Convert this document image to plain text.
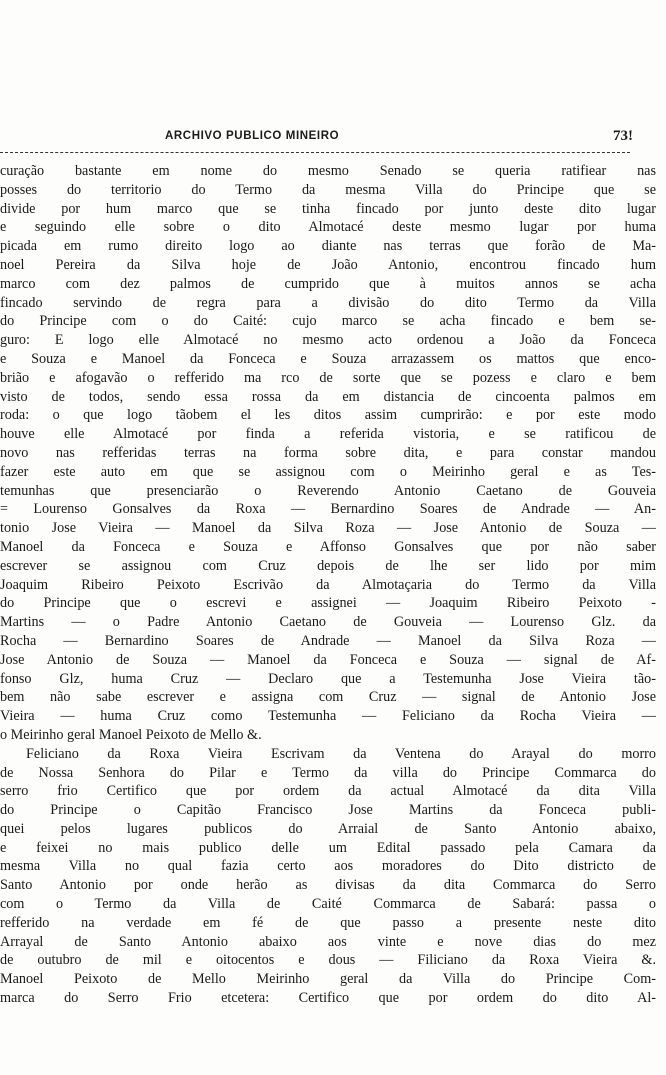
ARCHIVO PUBLICO MINEIRO	73!
curação bastante em nome do mesmo Senado se queria ratifiear nas
posses do territorio do Termo da mesma Villa do Principe que se
divide por hum marco que se tinha fincado por junto deste dito lugar
e seguindo elle sobre o dito Almotacé deste mesmo lugar por huma
picada em rumo direito logo ao diante nas terras que forão de Ma-
noel Pereira da Silva hoje de João Antonio, encontrou fincado hum
marco com dez palmos de cumprido que à muitos annos se acha
fincado servindo de regra para a divisão do dito Termo da Villa
do Principe com o do Caité: cujo marco se acha fincado e bem se-
guro: E logo elle Almotacé no mesmo acto ordenou a João da Fonceca
e Souza e Manoel da Fonceca e Souza arrazassem os mattos que enco-
brião e afogavão o refferido ma rco de sorte que se pozess e claro e bem
visto de todos, sendo essa rossa da em distancia de cincoenta palmos em
roda: o que logo tãobem el les ditos assim cumprirão: e por este modo
houve elle Almotacé por finda a referida vistoria, e se ratificou de
novo nas refferidas terras na forma sobre dita, e para constar mandou
fazer este auto em que se assignou com o Meirinho geral e as Tes-
temunhas que presenciarão o Reverendo Antonio Caetano de Gouveia
= Lourenso Gonsalves da Roxa — Bernardino Soares de Andrade — An-
tonio Jose Vieira — Manoel da Silva Roza — Jose Antonio de Souza —
Manoel da Fonceca e Souza e Affonso Gonsalves que por não saber
escrever se assignou com Cruz depois de lhe ser lido por mim
Joaquim Ribeiro Peixoto Escrivão da Almotaçaria do Termo da Villa
do Principe que o escrevi e assignei — Joaquim Ribeiro Peixoto -
Martins — o Padre Antonio Caetano de Gouveia — Lourenso Glz. da
Rocha — Bernardino Soares de Andrade — Manoel da Silva Roza —
Jose Antonio de Souza — Manoel da Fonceca e Souza — signal de Af-
fonso Glz, huma Cruz — Declaro que a Testemunha Jose Vieira tão-
bem não sabe escrever e assigna com Cruz — signal de Antonio Jose
Vieira — huma Cruz como Testemunha — Feliciano da Rocha Vieira —
o Meirinho geral Manoel Peixoto de Mello &.
Feliciano da Roxa Vieira Escrivam da Ventena do Arayal do morro
de Nossa Senhora do Pilar e Termo da villa do Principe Commarca do
serro frio Certifico que por ordem da actual Almotacé da dita Villa
do Principe o Capitão Francisco Jose Martins da Fonceca publi-
quei pelos lugares publicos do Arraial de Santo Antonio abaixo,
e feixei no mais publico delle um Edital passado pela Camara da
mesma Villa no qual fazia certo aos moradores do Dito districto de
Santo Antonio por onde herão as divisas da dita Commarca do Serro
com o Termo da Villa de Caité Commarca de Sabará: passa o
refferido na verdade em fé de que passo a presente neste dito
Arrayal de Santo Antonio abaixo aos vinte e nove dias do mez
de outubro de mil e oitocentos e dous — Filiciano da Roxa Vieira &.
Manoel Peixoto de Mello Meirinho geral da Villa do Principe Com-
marca do Serro Frio etcetera: Certifico que por ordem do dito Al-
